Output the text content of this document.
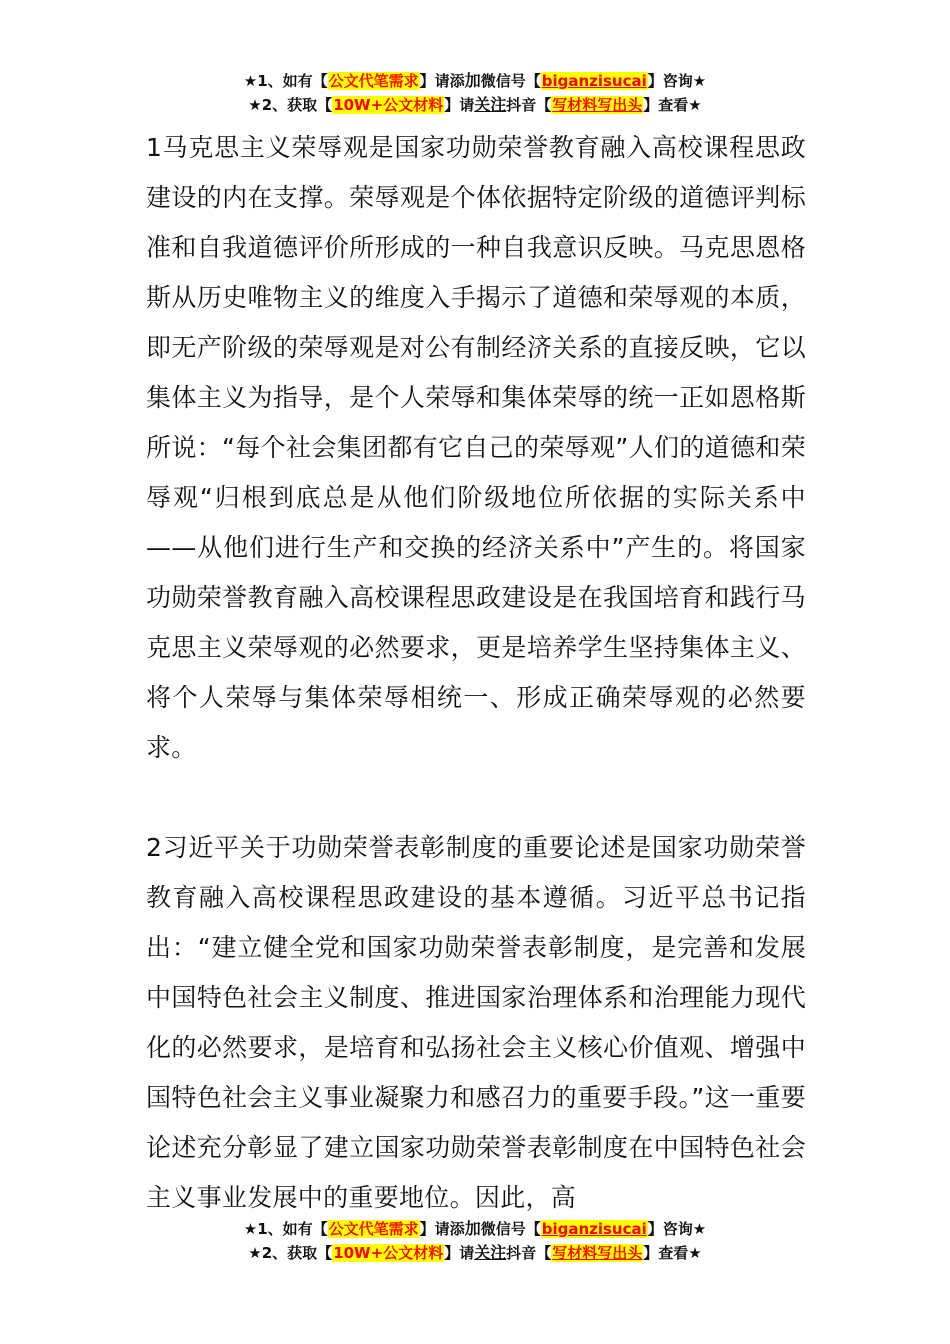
★1、如有【公文代笔需求】请添加微信号【biganzisucai】咨询★
★2、获取【10W+公文材料】请关注抖音【写材料写出头】查看★

1马克思主义荣辱观是国家功勋荣誉教育融入高校课程思政建设的内在支撑。荣辱观是个体依据特定阶级的道德评判标准和自我道德评价所形成的一种自我意识反映。马克思恩格斯从历史唯物主义的维度入手揭示了道德和荣辱观的本质，即无产阶级的荣辱观是对公有制经济关系的直接反映，它以集体主义为指导，是个人荣辱和集体荣辱的统一正如恩格斯所说：“每个社会集团都有它自己的荣辱观”人们的道德和荣辱观“归根到底总是从他们阶级地位所依据的实际关系中——从他们进行生产和交换的经济关系中”产生的。将国家功勋荣誉教育融入高校课程思政建设是在我国培育和践行马克思主义荣辱观的必然要求，更是培养学生坚持集体主义、将个人荣辱与集体荣辱相统一、形成正确荣辱观的必然要求。

2习近平关于功勋荣誉表彰制度的重要论述是国家功勋荣誉教育融入高校课程思政建设的基本遵循。习近平总书记指出：“建立健全党和国家功勋荣誉表彰制度，是完善和发展中国特色社会主义制度、推进国家治理体系和治理能力现代化的必然要求，是培育和弘扬社会主义核心价值观、增强中国特色社会主义事业凝聚力和感召力的重要手段。”这一重要论述充分彰显了建立国家功勋荣誉表彰制度在中国特色社会主义事业发展中的重要地位。因此，高

★1、如有【公文代笔需求】请添加微信号【biganzisucai】咨询★
★2、获取【10W+公文材料】请关注抖音【写材料写出头】查看★
